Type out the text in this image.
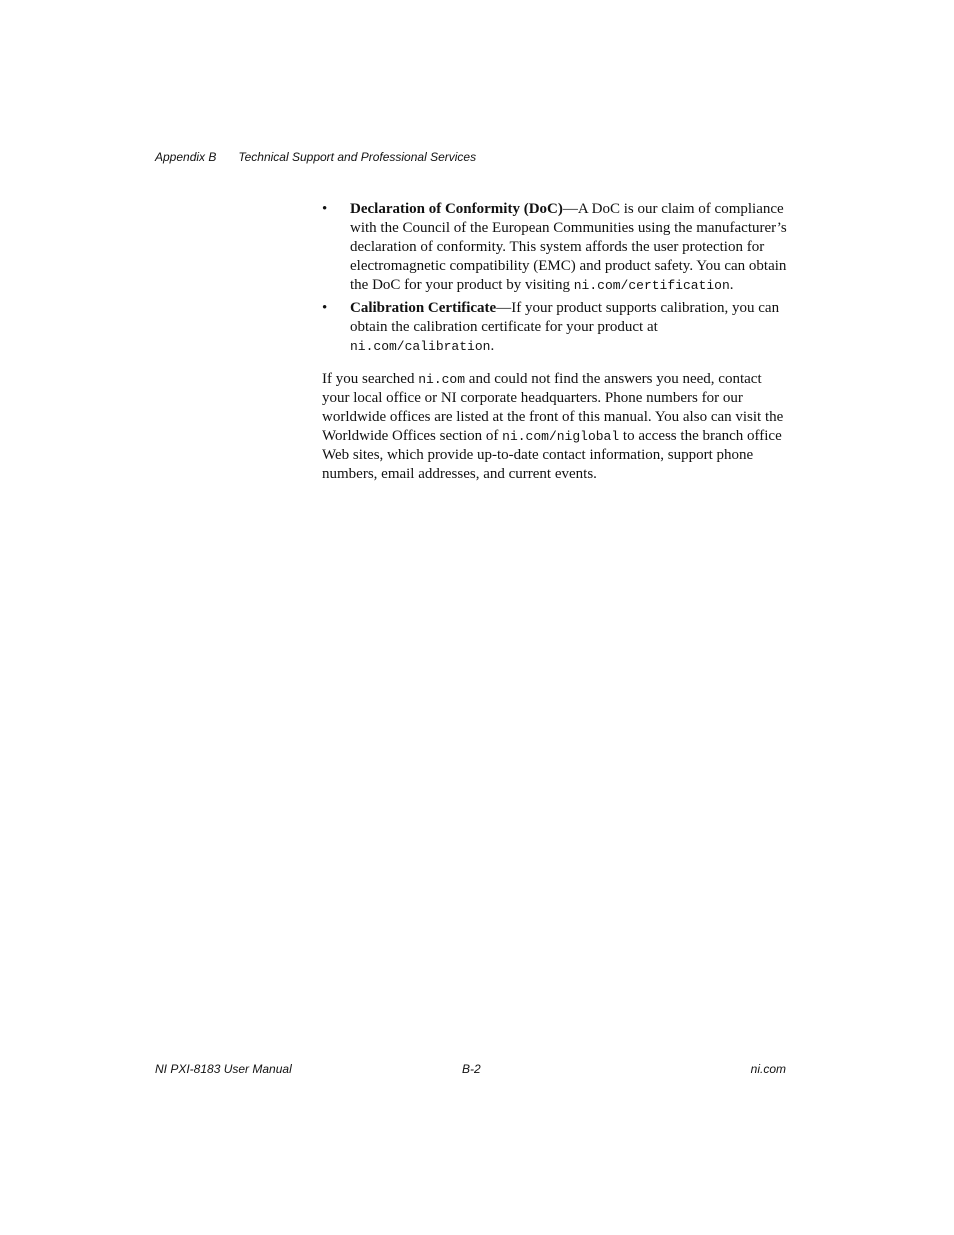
Appendix B Technical Support and Professional Services
• Declaration of Conformity (DoC)—A DoC is our claim of compliance with the Council of the European Communities using the manufacturer’s declaration of conformity. This system affords the user protection for electromagnetic compatibility (EMC) and product safety. You can obtain the DoC for your product by visiting ni.com/certification.
• Calibration Certificate—If your product supports calibration, you can obtain the calibration certificate for your product at
ni.com/calibration.

If you searched ni.com and could not find the answers you need, contact your local office or NI corporate headquarters. Phone numbers for our worldwide offices are listed at the front of this manual. You also can visit the Worldwide Offices section of ni.com/niglobal to access the branch office Web sites, which provide up-to-date contact information, support phone numbers, email addresses, and current events.

NI PXI-8183 User Manual	B-2	ni.com
